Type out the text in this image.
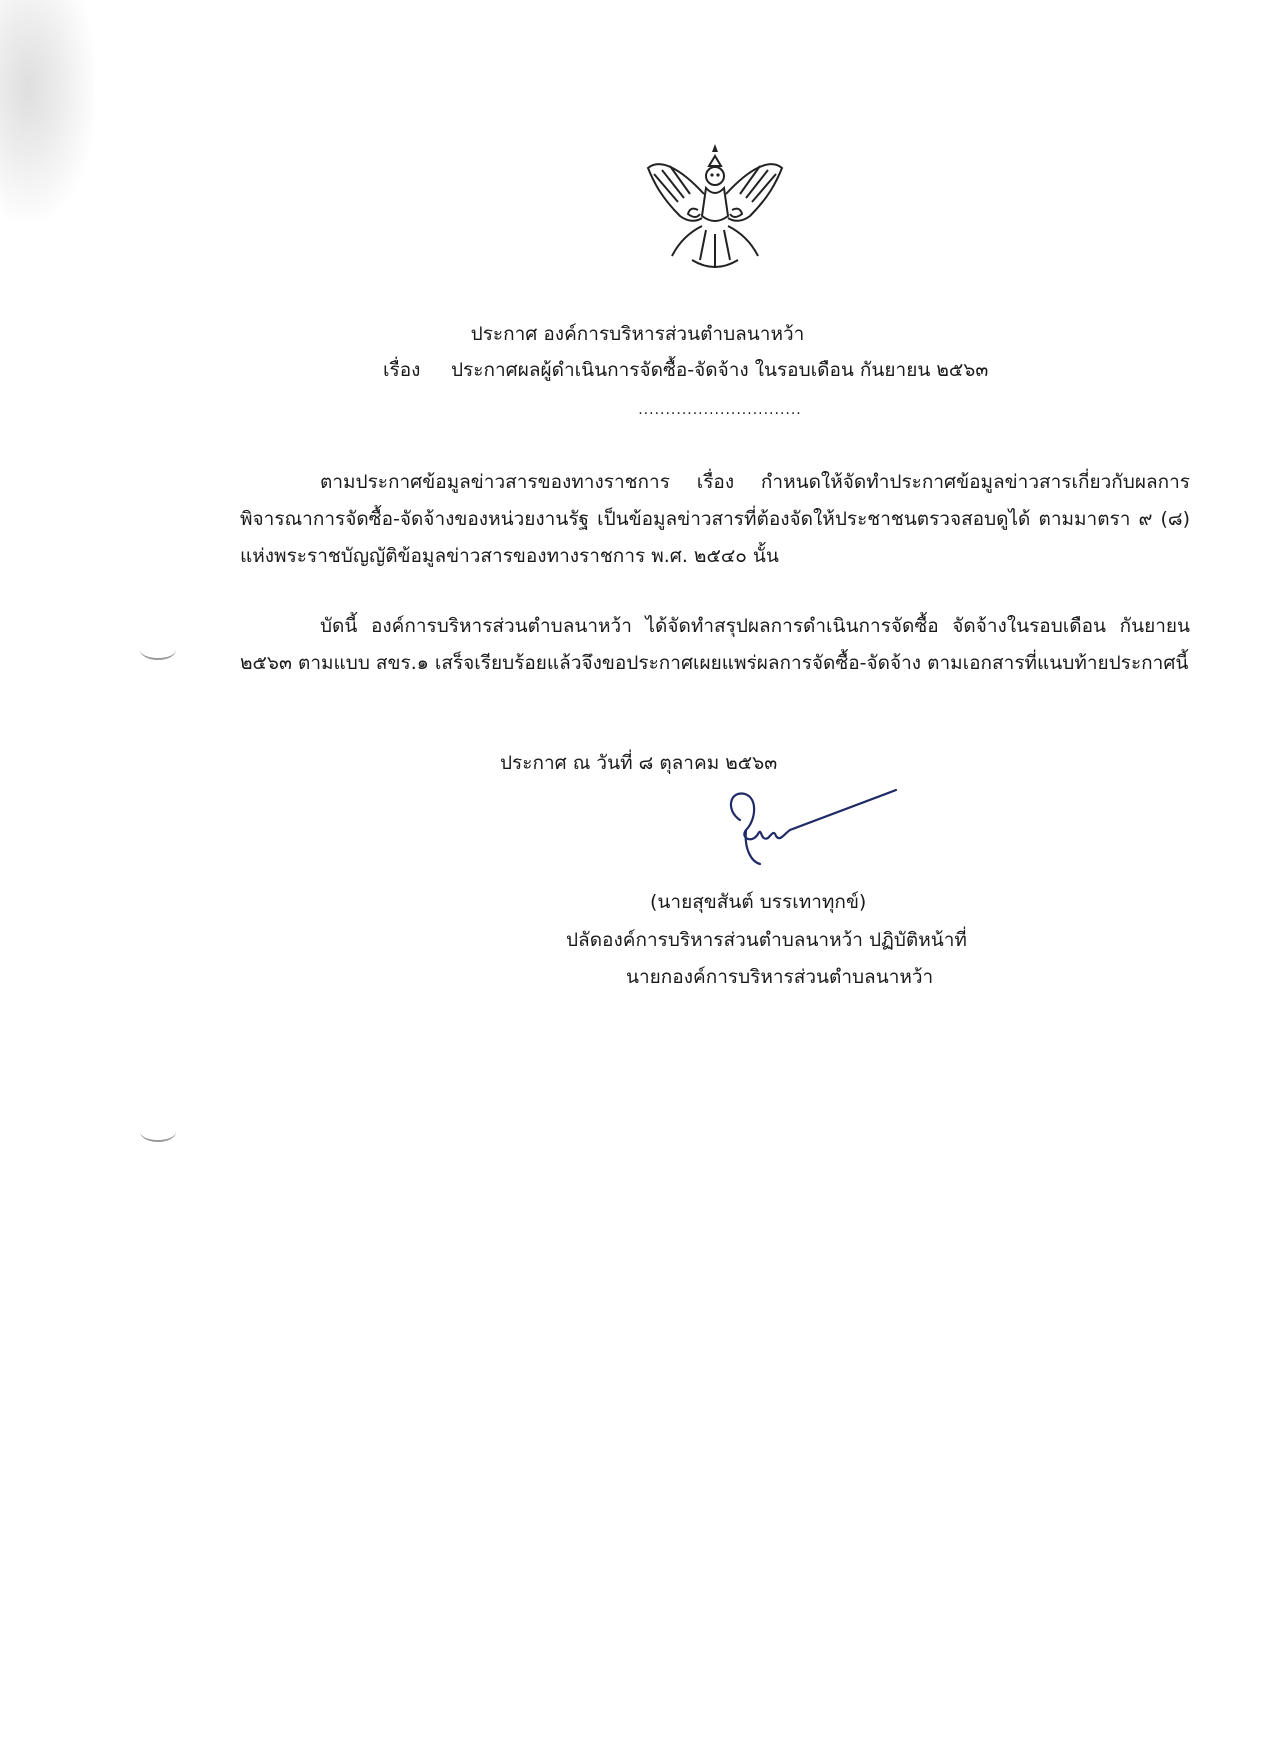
ประกาศ องค์การบริหารส่วนตำบลนาหว้า
เรื่อง ประกาศผลผู้ดำเนินการจัดซื้อ-จัดจ้าง ในรอบเดือน กันยายน ๒๕๖๓
..............................

ตามประกาศข้อมูลข่าวสารของทางราชการ เรื่อง กำหนดให้จัดทำประกาศข้อมูลข่าวสารเกี่ยวกับผลการพิจารณาการจัดซื้อ-จัดจ้างของหน่วยงานรัฐ เป็นข้อมูลข่าวสารที่ต้องจัดให้ประชาชนตรวจสอบดูได้ ตามมาตรา ๙ (๘) แห่งพระราชบัญญัติข้อมูลข่าวสารของทางราชการ พ.ศ. ๒๕๔๐ นั้น

บัดนี้ องค์การบริหารส่วนตำบลนาหว้า ได้จัดทำสรุปผลการดำเนินการจัดซื้อ จัดจ้างในรอบเดือน กันยายน ๒๕๖๓ ตามแบบ สขร.๑ เสร็จเรียบร้อยแล้วจึงขอประกาศเผยแพร่ผลการจัดซื้อ-จัดจ้าง ตามเอกสารที่แนบท้ายประกาศนี้

ประกาศ ณ วันที่ ๘ ตุลาคม ๒๕๖๓
(นายสุขสันต์ บรรเทาทุกข์)
ปลัดองค์การบริหารส่วนตำบลนาหว้า ปฏิบัติหน้าที่
นายกองค์การบริหารส่วนตำบลนาหว้า
